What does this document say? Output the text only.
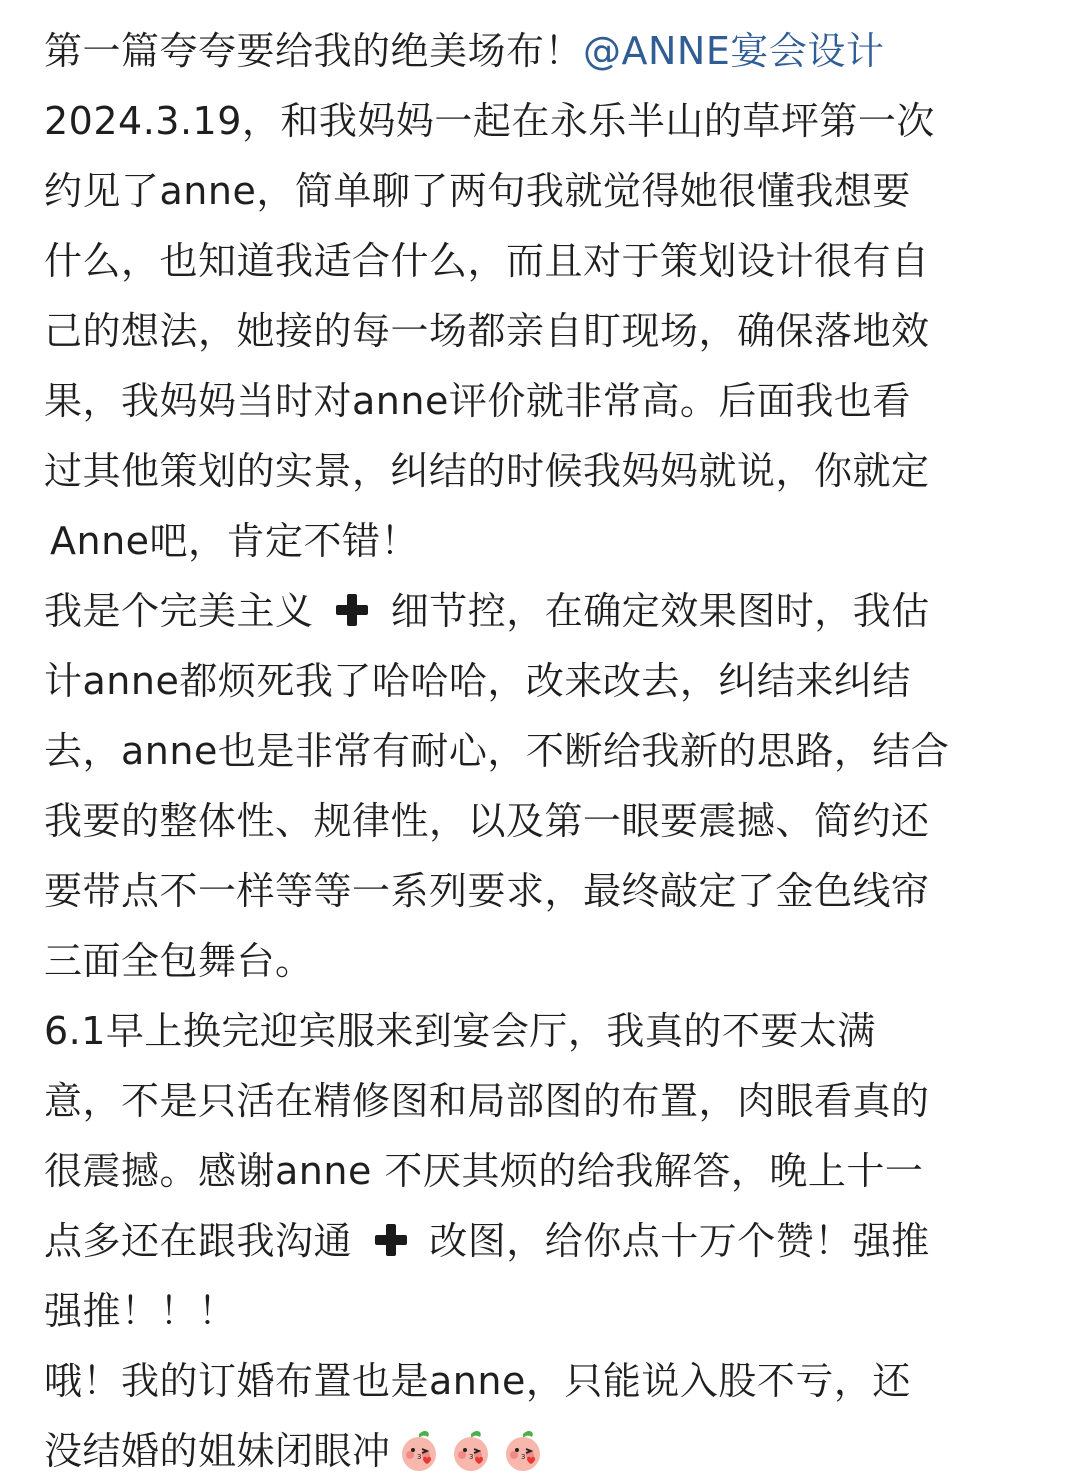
第一篇夸夸要给我的绝美场布！@ANNE宴会设计
2024.3.19，和我妈妈一起在永乐半山的草坪第一次
约见了anne，简单聊了两句我就觉得她很懂我想要
什么，也知道我适合什么，而且对于策划设计很有自
己的想法，她接的每一场都亲自盯现场，确保落地效
果，我妈妈当时对anne评价就非常高。后面我也看
过其他策划的实景，纠结的时候我妈妈就说，你就定
Anne吧，肯定不错！
我是个完美主义 细节控，在确定效果图时，我估
计anne都烦死我了哈哈哈，改来改去，纠结来纠结
去，anne也是非常有耐心，不断给我新的思路，结合
我要的整体性、规律性，以及第一眼要震撼、简约还
要带点不一样等等一系列要求，最终敲定了金色线帘
三面全包舞台。
6.1早上换完迎宾服来到宴会厅，我真的不要太满
意，不是只活在精修图和局部图的布置，肉眼看真的
很震撼。感谢anne 不厌其烦的给我解答，晚上十一
点多还在跟我沟通 改图，给你点十万个赞！强推
强推！！！
哦！我的订婚布置也是anne，只能说入股不亏，还
没结婚的姐妹闭眼冲	3	3	3
